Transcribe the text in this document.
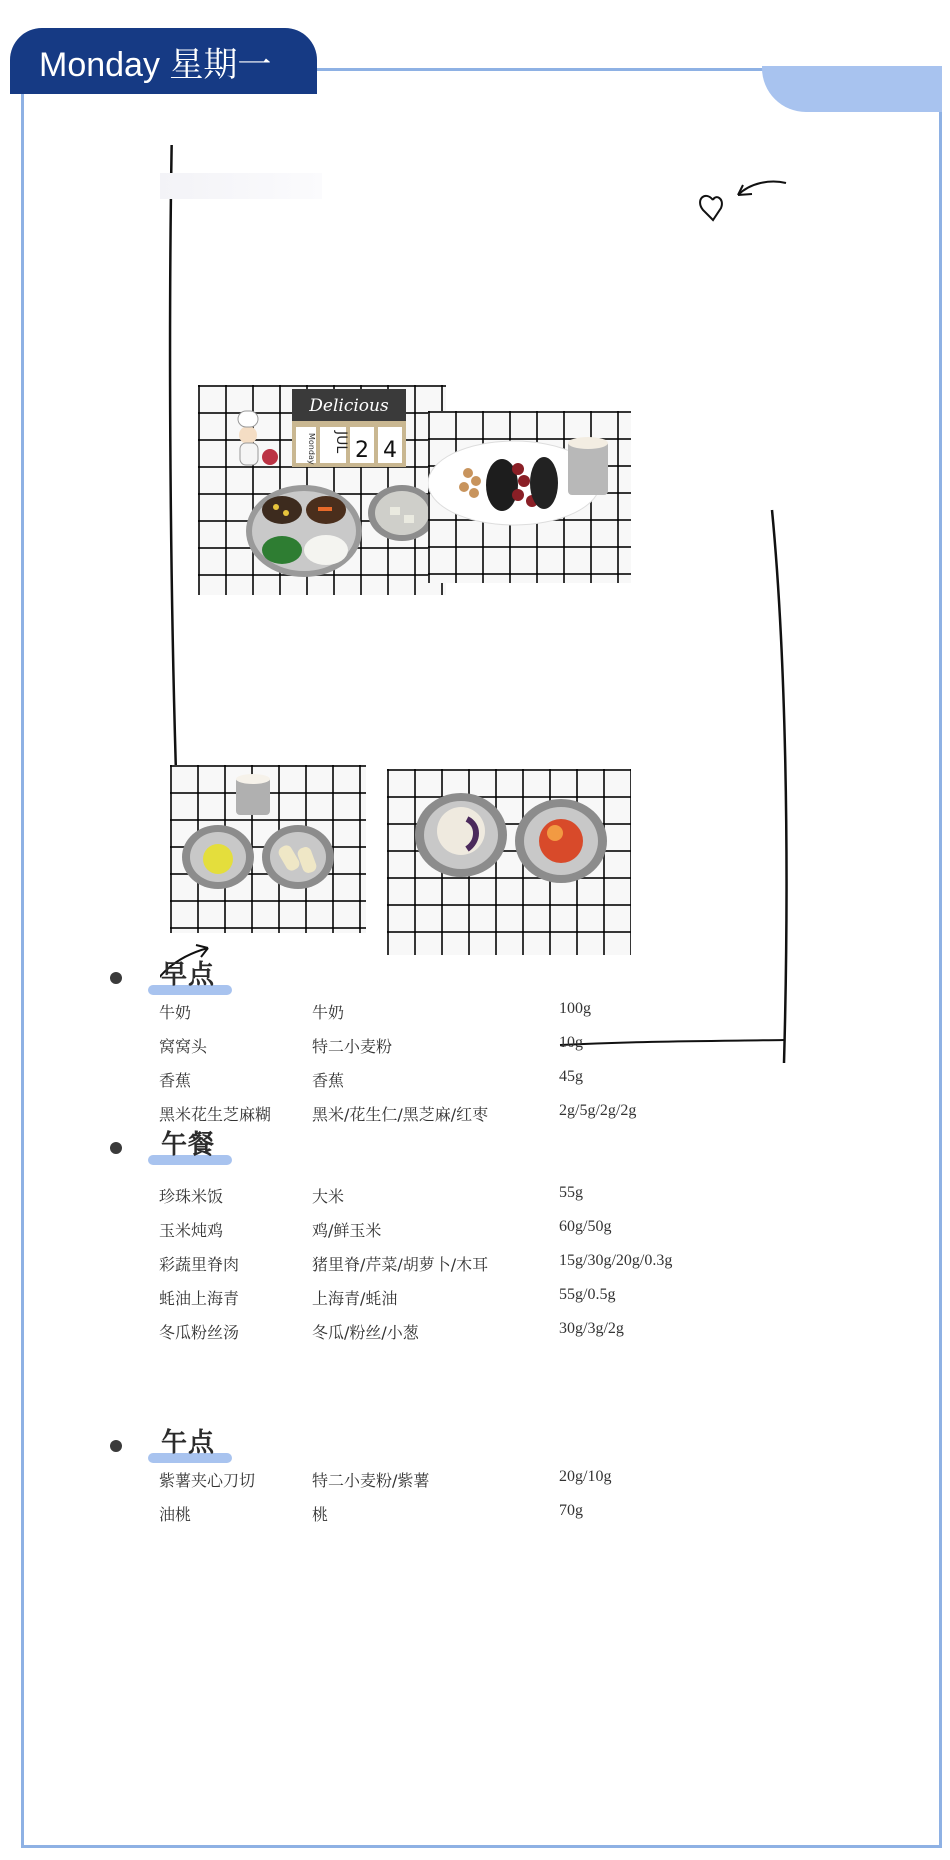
Monday 星期一
Delicious
Monday JUL 2 4
早点
牛奶	牛奶	100g
窝窝头	特二小麦粉	10g
香蕉	香蕉	45g
黑米花生芝麻糊	黑米/花生仁/黑芝麻/红枣	2g/5g/2g/2g
午餐
珍珠米饭	大米	55g
玉米炖鸡	鸡/鲜玉米	60g/50g
彩蔬里脊肉	猪里脊/芹菜/胡萝卜/木耳	15g/30g/20g/0.3g
蚝油上海青	上海青/蚝油	55g/0.5g
冬瓜粉丝汤	冬瓜/粉丝/小葱	30g/3g/2g
午点
紫薯夹心刀切	特二小麦粉/紫薯	20g/10g
油桃	桃	70g
